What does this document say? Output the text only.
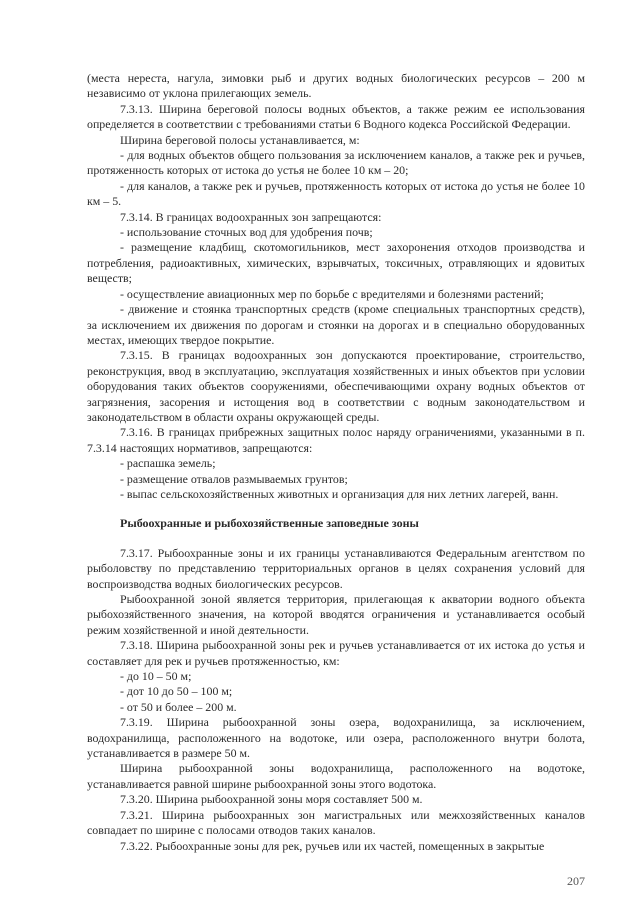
(места нереста, нагула, зимовки рыб и других водных биологических ресурсов – 200 м независимо от уклона прилегающих земель.

7.3.13. Ширина береговой полосы водных объектов, а также режим ее использования определяется в соответствии с требованиями статьи 6 Водного кодекса Российской Федерации.

Ширина береговой полосы устанавливается, м:

- для водных объектов общего пользования за исключением каналов, а также рек и ручьев, протяженность которых от истока до устья не более 10 км – 20;

- для каналов, а также рек и ручьев, протяженность которых от истока до устья не более 10 км – 5.

7.3.14. В границах водоохранных зон запрещаются:

- использование сточных вод для удобрения почв;

- размещение кладбищ, скотомогильников, мест захоронения отходов производства и потребления, радиоактивных, химических, взрывчатых, токсичных, отравляющих и ядовитых веществ;

- осуществление авиационных мер по борьбе с вредителями и болезнями растений;

- движение и стоянка транспортных средств (кроме специальных транспортных средств), за исключением их движения по дорогам и стоянки на дорогах и в специально оборудованных местах, имеющих твердое покрытие.

7.3.15. В границах водоохранных зон допускаются проектирование, строительство, реконструкция, ввод в эксплуатацию, эксплуатация хозяйственных и иных объектов при условии оборудования таких объектов сооружениями, обеспечивающими охрану водных объектов от загрязнения, засорения и истощения вод в соответствии с водным законодательством и законодательством в области охраны окружающей среды.

7.3.16. В границах прибрежных защитных полос наряду ограничениями, указанными в п. 7.3.14 настоящих нормативов, запрещаются:

- распашка земель;

- размещение отвалов размываемых грунтов;

- выпас сельскохозяйственных животных и организация для них летних лагерей, ванн.

Рыбоохранные и рыбохозяйственные заповедные зоны

7.3.17. Рыбоохранные зоны и их границы устанавливаются Федеральным агентством по рыболовству по представлению территориальных органов в целях сохранения условий для воспроизводства водных биологических ресурсов.

Рыбоохранной зоной является территория, прилегающая к акватории водного объекта рыбохозяйственного значения, на которой вводятся ограничения и устанавливается особый режим хозяйственной и иной деятельности.

7.3.18. Ширина рыбоохранной зоны рек и ручьев устанавливается от их истока до устья и составляет для рек и ручьев протяженностью, км:

- до 10 – 50 м;

- дот 10 до 50 – 100 м;

- от 50 и более – 200 м.

7.3.19. Ширина рыбоохранной зоны озера, водохранилища, за исключением, водохранилища, расположенного на водотоке, или озера, расположенного внутри болота, устанавливается в размере 50 м.

Ширина рыбоохранной зоны водохранилища, расположенного на водотоке, устанавливается равной ширине рыбоохранной зоны этого водотока.

7.3.20. Ширина рыбоохранной зоны моря составляет 500 м.

7.3.21. Ширина рыбоохранных зон магистральных или межхозяйственных каналов совпадает по ширине с полосами отводов таких каналов.

7.3.22. Рыбоохранные зоны для рек, ручьев или их частей, помещенных в закрытые

207
